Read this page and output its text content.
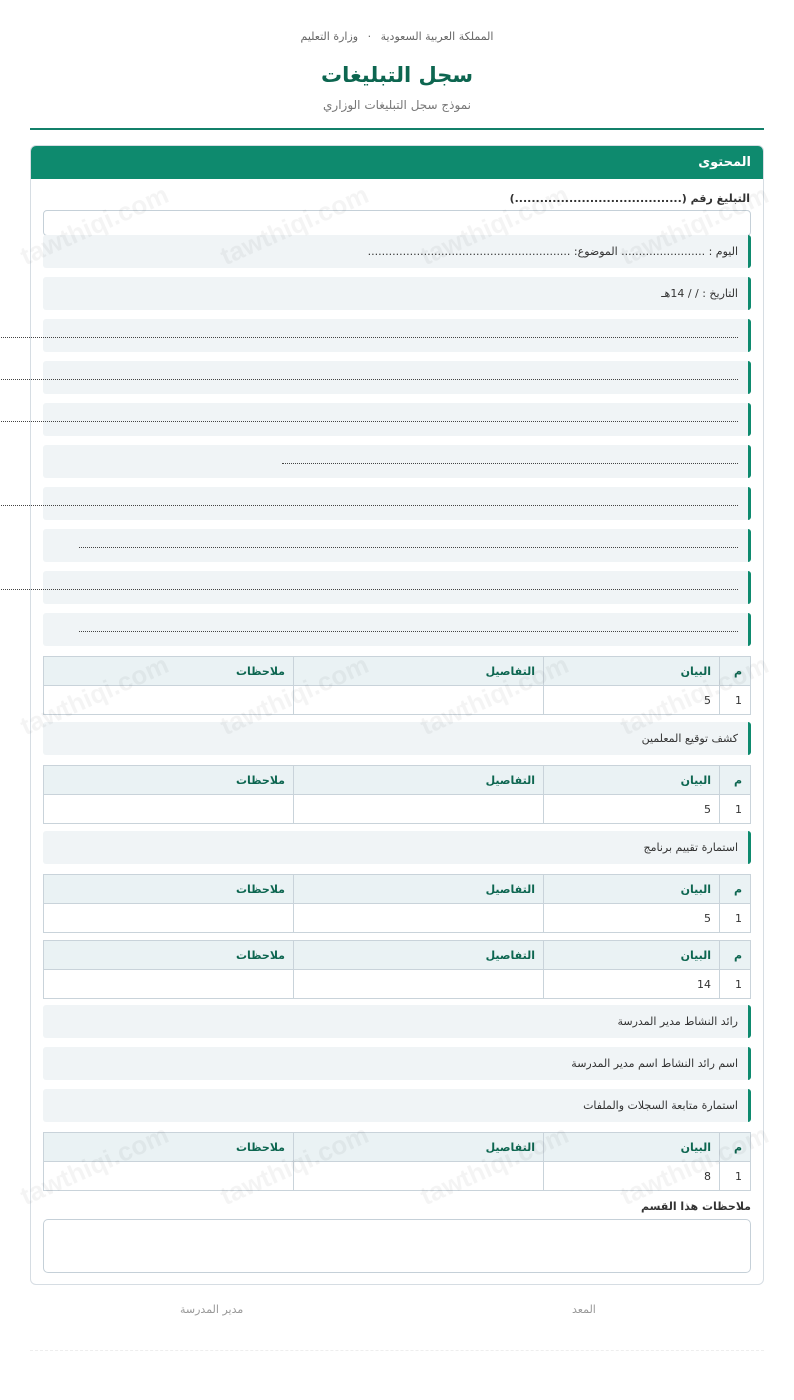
المملكة العربية السعودية · وزارة التعليم
سجل التبليغات
نموذج سجل التبليغات الوزاري
المحتوى
التبليغ رقم (........................................)
اليوم : ........................ الموضوع: ..........................................................
التاريخ : / / 14هـ
م	البيان	التفاصيل	ملاحظات
1	5		
كشف توقيع المعلمين
م	البيان	التفاصيل	ملاحظات
1	5		
استمارة تقييم برنامج
م	البيان	التفاصيل	ملاحظات
1	5		
م	البيان	التفاصيل	ملاحظات
1	14		
رائد النشاط مدير المدرسة
اسم رائد النشاط اسم مدير المدرسة
استمارة متابعة السجلات والملفات
م	البيان	التفاصيل	ملاحظات
1	8		
ملاحظات هذا القسم
المعد
مدير المدرسة
